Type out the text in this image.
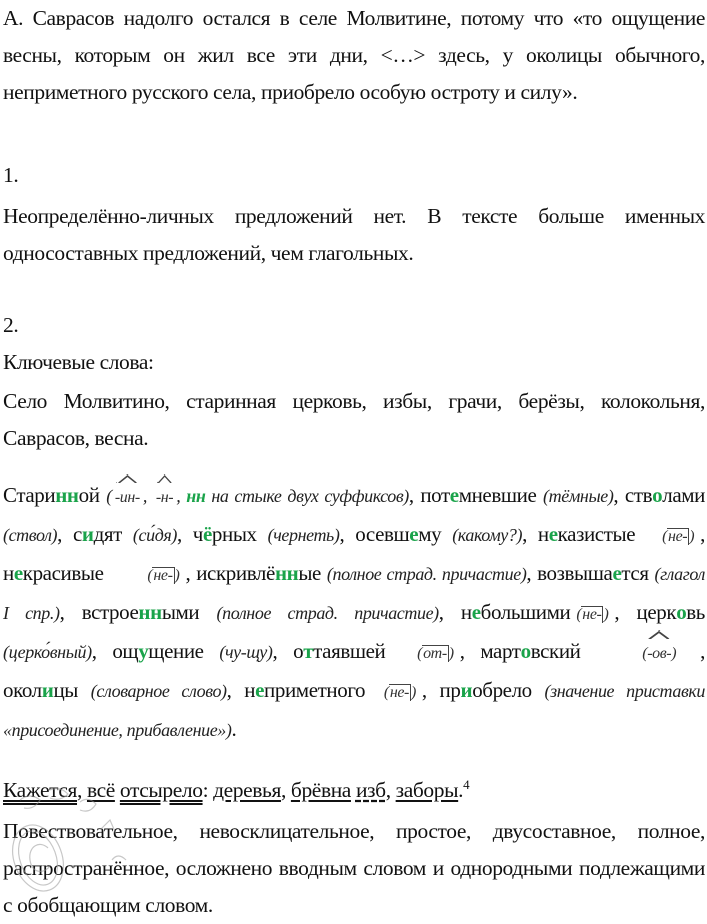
А. Саврасов надолго остался в селе Молвитине, потому что «то ощущение весны, которым он жил все эти дни, <…> здесь, у околицы обычного, неприметного русского села, приобрело особую остроту и силу».
1.
Неопределённо-личных предложений нет. В тексте больше именных односоставных предложений, чем глагольных.
2.
Ключевые слова:
Село Молвитино, старинная церковь, избы, грачи, берёзы, колокольня, Саврасов, весна.
Старинной ( -ин- , -н- , нн на стыке двух суффиксов), потемневшие (тёмные), стволами (ствол), сидят (си́дя), чёрных (чернеть), осевшему (какому?), неказистые (не- ) , некрасивые	(не- ) , искривлённые (полное страд. причастие), возвышается (глагол I спр.), встроенными (полное страд. причастие), небольшими (не- ) , церковь (церко́вный), ощущение (чу-щу), оттаявшей (от- ) , мартовский	(-ов-
) , околицы (словарное слово), неприметного (не- ) , приобрело (значение приставки «присоединение, прибавление»).
Кажется, всё отсырело: деревья, брёвна изб, заборы.$^4$
Повествовательное, невосклицательное, простое, двусоставное, полное, распространённое, осложнено вводным словом и однородными подлежащими с обобщающим словом.
